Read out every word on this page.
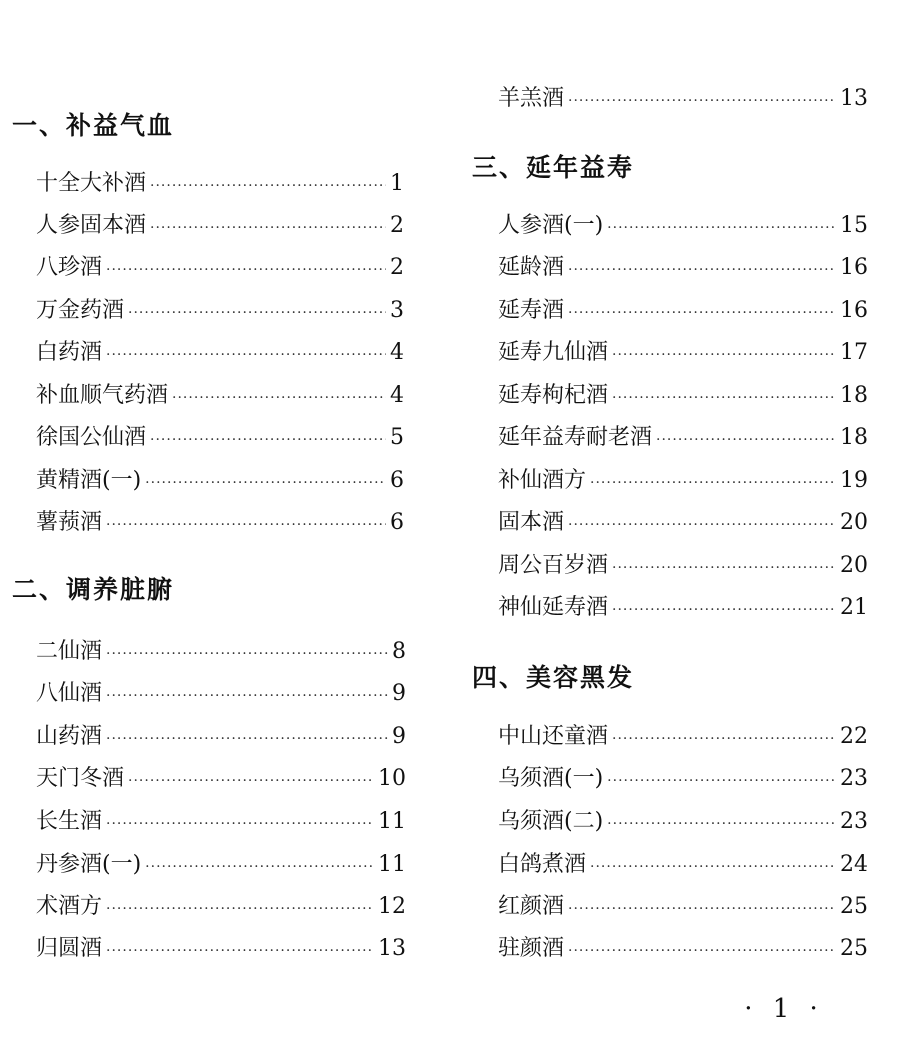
一、补益气血
十全大补酒 ·····	1
人参固本酒 ·····	2
八珍酒 ·····	2
万金药酒 ·····	3
白药酒 ·····	4
补血顺气药酒 ·····	4
徐国公仙酒 ·····	5
黄精酒(一) ·····	6
薯蓣酒 ·····	6
二、调养脏腑
二仙酒 ·····	8
八仙酒 ·····	9
山药酒 ·····	9
天门冬酒 ·····	10
长生酒 ·····	11
丹参酒(一) ·····	11
术酒方 ·····	12
归圆酒 ·····	13
羊羔酒 ·····	13
三、延年益寿
人参酒(一) ·····	15
延龄酒 ·····	16
延寿酒 ·····	16
延寿九仙酒 ·····	17
延寿枸杞酒 ·····	18
延年益寿耐老酒 ·····	18
补仙酒方 ·····	19
固本酒 ·····	20
周公百岁酒 ·····	20
神仙延寿酒 ·····	21
四、美容黑发
中山还童酒 ·····	22
乌须酒(一) ·····	23
乌须酒(二) ·····	23
白鸽煮酒 ·····	24
红颜酒 ·····	25
驻颜酒 ·····	25
· 1 ·
